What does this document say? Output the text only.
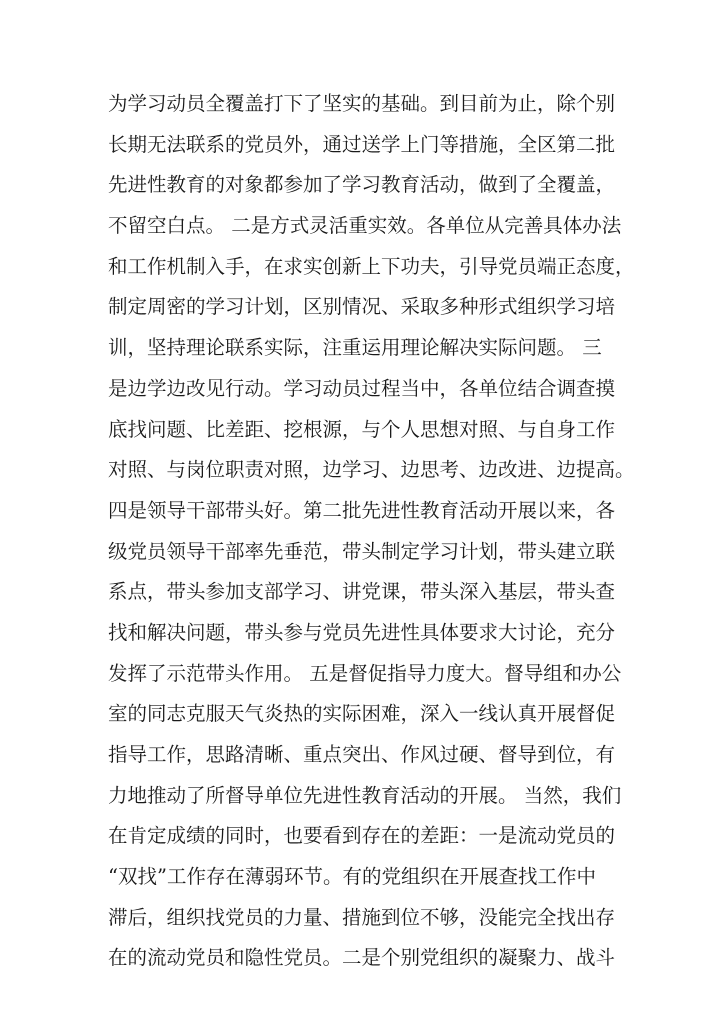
为学习动员全覆盖打下了坚实的基础。到目前为止，除个别
长期无法联系的党员外，通过送学上门等措施，全区第二批
先进性教育的对象都参加了学习教育活动，做到了全覆盖，
不留空白点。 二是方式灵活重实效。各单位从完善具体办法
和工作机制入手，在求实创新上下功夫，引导党员端正态度，
制定周密的学习计划，区别情况、采取多种形式组织学习培
训，坚持理论联系实际，注重运用理论解决实际问题。 三
是边学边改见行动。学习动员过程当中，各单位结合调查摸
底找问题、比差距、挖根源，与个人思想对照、与自身工作
对照、与岗位职责对照，边学习、边思考、边改进、边提高。
四是领导干部带头好。第二批先进性教育活动开展以来，各
级党员领导干部率先垂范，带头制定学习计划，带头建立联
系点，带头参加支部学习、讲党课，带头深入基层，带头查
找和解决问题，带头参与党员先进性具体要求大讨论，充分
发挥了示范带头作用。 五是督促指导力度大。督导组和办公
室的同志克服天气炎热的实际困难，深入一线认真开展督促
指导工作，思路清晰、重点突出、作风过硬、督导到位，有
力地推动了所督导单位先进性教育活动的开展。 当然，我们
在肯定成绩的同时，也要看到存在的差距：一是流动党员的
“双找”工作存在薄弱环节。有的党组织在开展查找工作中
滞后，组织找党员的力量、措施到位不够，没能完全找出存
在的流动党员和隐性党员。二是个别党组织的凝聚力、战斗
